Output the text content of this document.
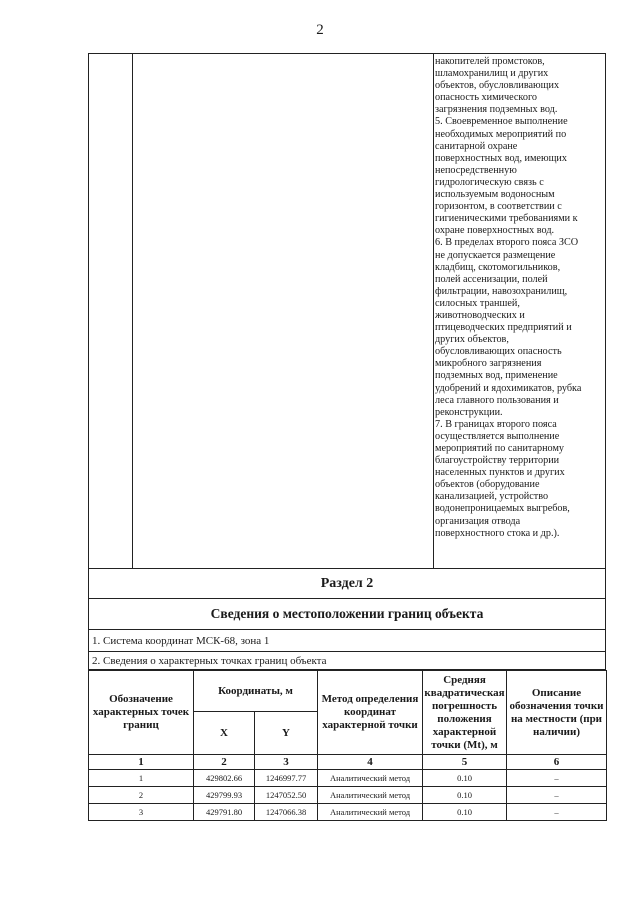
2

накопителей промстоков,

шламохранилищ и других

объектов, обусловливающих

опасность химического

загрязнения подземных вод.

5. Своевременное выполнение

необходимых мероприятий по

санитарной охране

поверхностных вод, имеющих

непосредственную

гидрологическую связь с

используемым водоносным

горизонтом, в соответствии с

гигиеническими требованиями к

охране поверхностных вод.

6. В пределах второго пояса ЗСО

не допускается размещение

кладбищ, скотомогильников,

полей ассенизации, полей

фильтрации, навозохранилищ,

силосных траншей,

животноводческих и

птицеводческих предприятий и

других объектов,

обусловливающих опасность

микробного загрязнения

подземных вод, применение

удобрений и ядохимикатов, рубка

леса главного пользования и

реконструкции.

7. В границах второго пояса

осуществляется выполнение

мероприятий по санитарному

благоустройству территории

населенных пунктов и других

объектов (оборудование

канализацией, устройство

водонепроницаемых выгребов,

организация отвода

поверхностного стока и др.).

Раздел 2
Сведения о местоположении границ объекта
1. Система координат МСК-68, зона 1
2. Сведения о характерных точках границ объекта
Обозначение характерных точек границ	Координаты, м		Метод определения координат характерной точки	Средняя квадратическая погрешность положения характерной точки (Mt), м	Описание обозначения точки на местности (при наличии)
	X	Y			
1	2	3	4	5	6
1	429802.66	1246997.77	Аналитический метод	0.10	–
2	429799.93	1247052.50	Аналитический метод	0.10	–
3	429791.80	1247066.38	Аналитический метод	0.10	–
